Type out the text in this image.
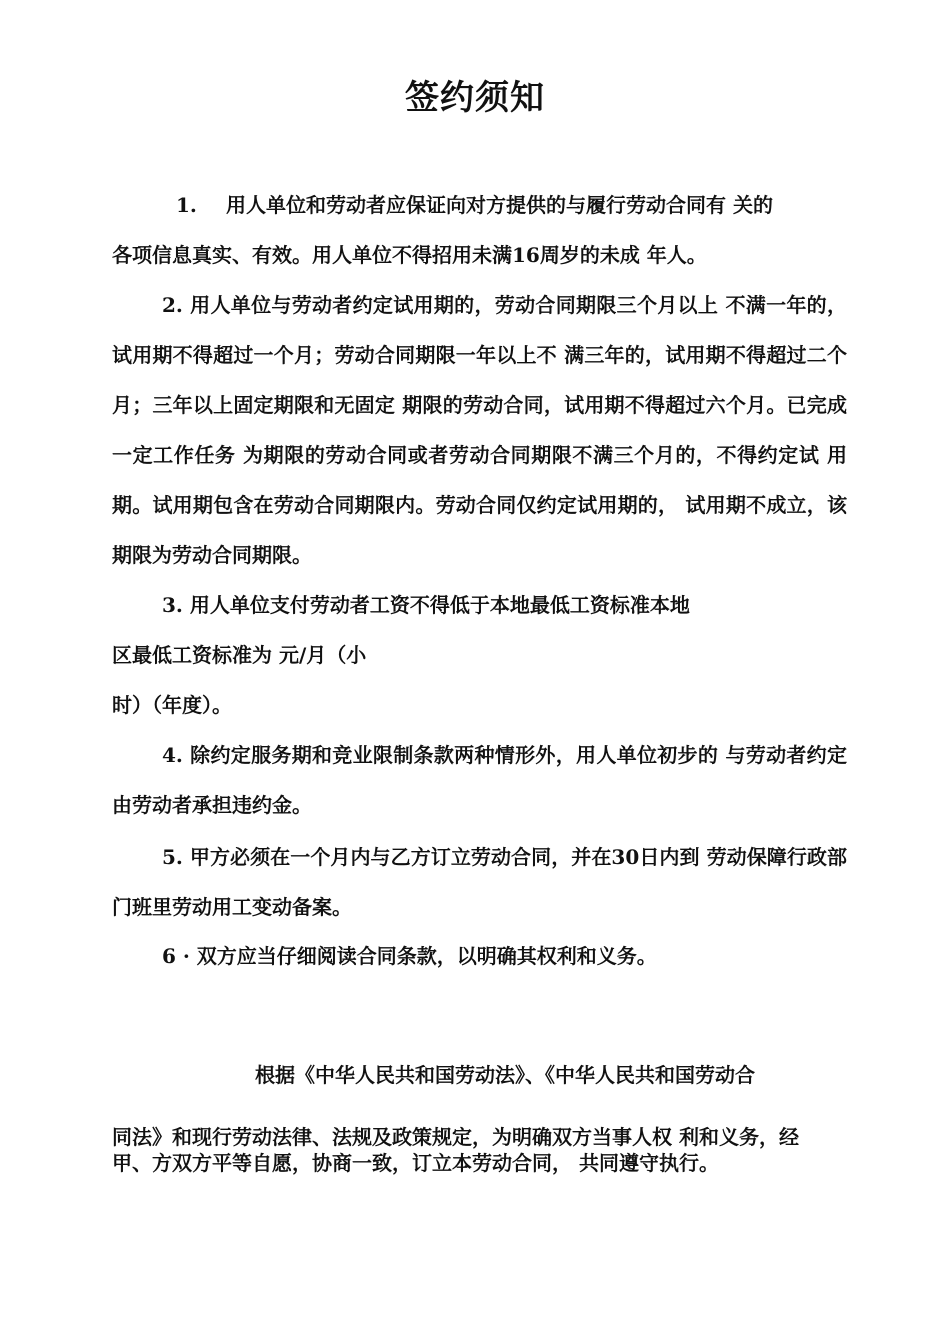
签约须知
1. 用人单位和劳动者应保证向对方提供的与履行劳动合同有 关的
各项信息真实、有效。用人单位不得招用未满16周岁的未成 年人。
2. 用人单位与劳动者约定试用期的，劳动合同期限三个月以上 不满一年的，试用期不得超过一个月；劳动合同期限一年以上不 满三年的，试用期不得超过二个月；三年以上固定期限和无固定 期限的劳动合同，试用期不得超过六个月。已完成一定工作任务 为期限的劳动合同或者劳动合同期限不满三个月的，不得约定试 用期。试用期包含在劳动合同期限内。劳动合同仅约定试用期的， 试用期不成立，该期限为劳动合同期限。
3. 用人单位支付劳动者工资不得低于本地最低工资标准本地
区最低工资标准为 元/月（小
时）（年度）。
4. 除约定服务期和竞业限制条款两种情形外，用人单位初步的 与劳动者约定由劳动者承担违约金。
5. 甲方必须在一个月内与乙方订立劳动合同，并在30日内到 劳动保障行政部门班里劳动用工变动备案。
6 · 双方应当仔细阅读合同条款，以明确其权利和义务。
根据《中华人民共和国劳动法》、《中华人民共和国劳动合
同法》和现行劳动法律、法规及政策规定，为明确双方当事人权 利和义务，经甲、方双方平等自愿，协商一致，订立本劳动合同， 共同遵守执行。
